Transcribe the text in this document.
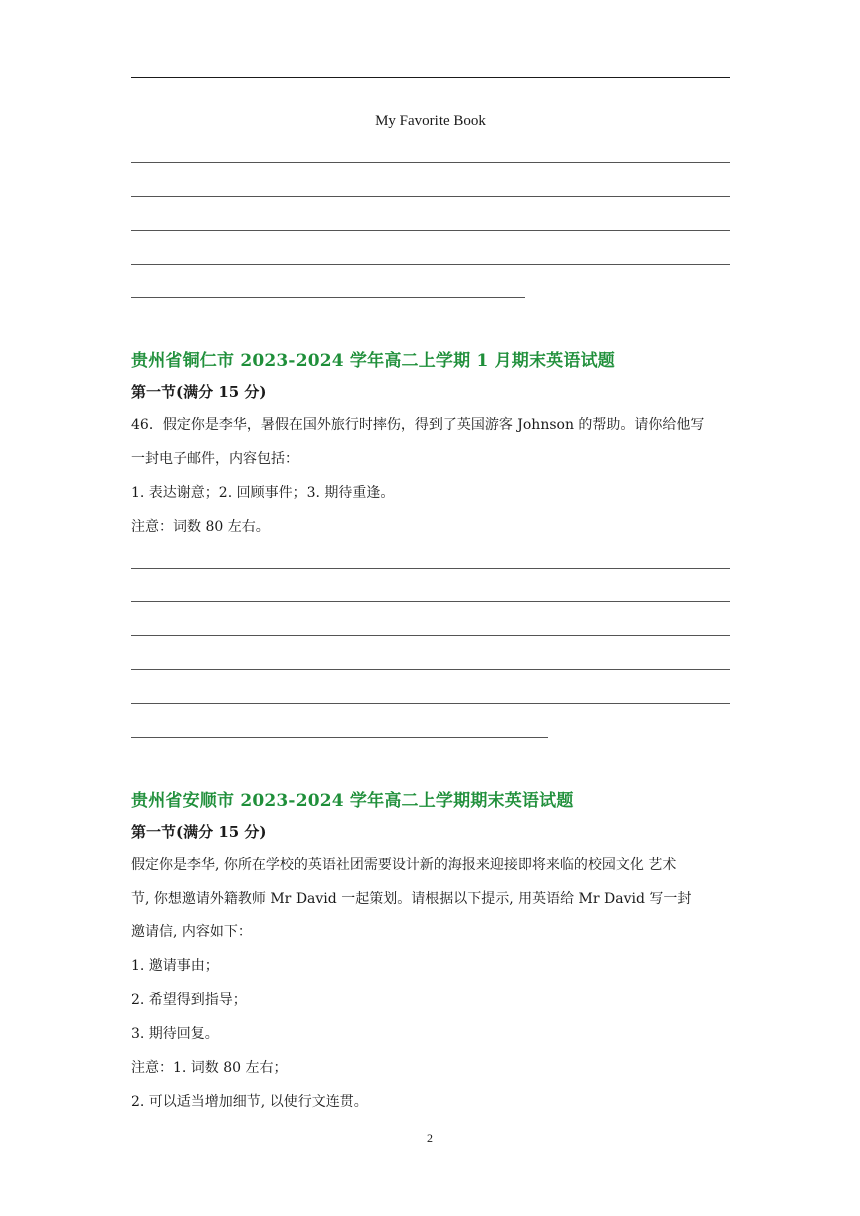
My Favorite Book
贵州省铜仁市 2023-2024 学年高二上学期 1 月期末英语试题
第一节(满分 15 分)
46．假定你是李华，暑假在国外旅行时摔伤，得到了英国游客 Johnson 的帮助。请你给他写
一封电子邮件，内容包括：
1. 表达谢意；2. 回顾事件；3. 期待重逢。
注意：词数 80 左右。
贵州省安顺市 2023-2024 学年高二上学期期末英语试题
第一节(满分 15 分)
假定你是李华, 你所在学校的英语社团需要设计新的海报来迎接即将来临的校园文化 艺术
节, 你想邀请外籍教师 Mr David 一起策划。请根据以下提示, 用英语给 Mr David 写一封
邀请信, 内容如下：
1. 邀请事由；
2. 希望得到指导；
3. 期待回复。
注意：1. 词数 80 左右；
2. 可以适当增加细节, 以使行文连贯。
2
